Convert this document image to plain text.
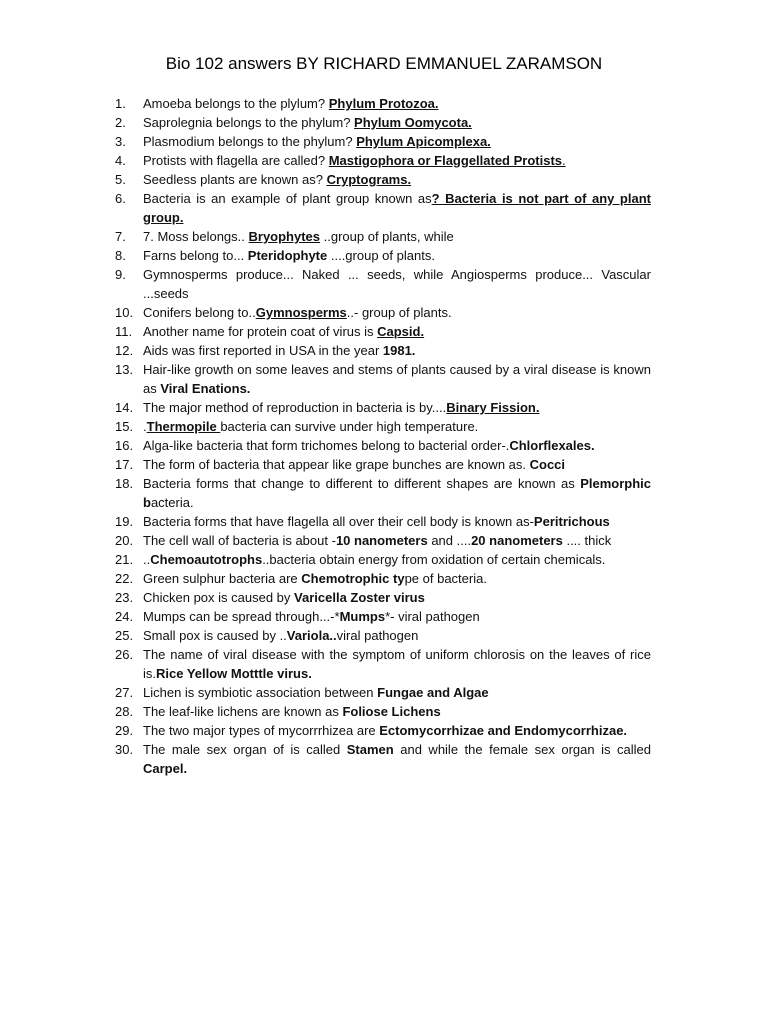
Bio 102 answers BY RICHARD EMMANUEL ZARAMSON
1.	Amoeba belongs to the plylum? Phylum Protozoa.
2.	Saprolegnia belongs to the phylum? Phylum Oomycota.
3.	Plasmodium belongs to the phylum? Phylum Apicomplexa.
4.	Protists with flagella are called? Mastigophora or Flaggellated Protists.
5.	Seedless plants are known as? Cryptograms.
6.	Bacteria is an example of plant group known as? Bacteria is not part of any plant group.
7.	7. Moss belongs.. Bryophytes ..group of plants, while
8.	Farns belong to... Pteridophyte ....group of plants.
9.	Gymnosperms produce... Naked ... seeds, while Angiosperms produce... Vascular ...seeds
10. Conifers belong to..Gymnosperms..- group of plants.
11. Another name for protein coat of virus is Capsid.
12. Aids was first reported in USA in the year 1981.
13. Hair-like growth on some leaves and stems of plants caused by a viral disease is known as Viral Enations.
14. The major method of reproduction in bacteria is by....Binary Fission.
15. .Thermopile bacteria can survive under high temperature.
16. Alga-like bacteria that form trichomes belong to bacterial order-.Chlorflexales.
17. The form of bacteria that appear like grape bunches are known as. Cocci
18. Bacteria forms that change to different to different shapes are known as Plemorphic bacteria.
19. Bacteria forms that have flagella all over their cell body is known as-Peritrichous
20. The cell wall of bacteria is about -10 nanometers and ....20 nanometers .... thick
21. ..Chemoautotrophs..bacteria obtain energy from oxidation of certain chemicals.
22. Green sulphur bacteria are Chemotrophic type of bacteria.
23. Chicken pox is caused by Varicella Zoster virus
24. Mumps can be spread through...-*Mumps*- viral pathogen
25. Small pox is caused by ..Variola..viral pathogen
26. The name of viral disease with the symptom of uniform chlorosis on the leaves of rice is.Rice Yellow Motttle virus.
27. Lichen is symbiotic association between Fungae and Algae
28. The leaf-like lichens are known as Foliose Lichens
29. The two major types of mycorrrhizea are Ectomycorrhizae and Endomycorrhizae.
30. The male sex organ of is called Stamen and while the female sex organ is called Carpel.
